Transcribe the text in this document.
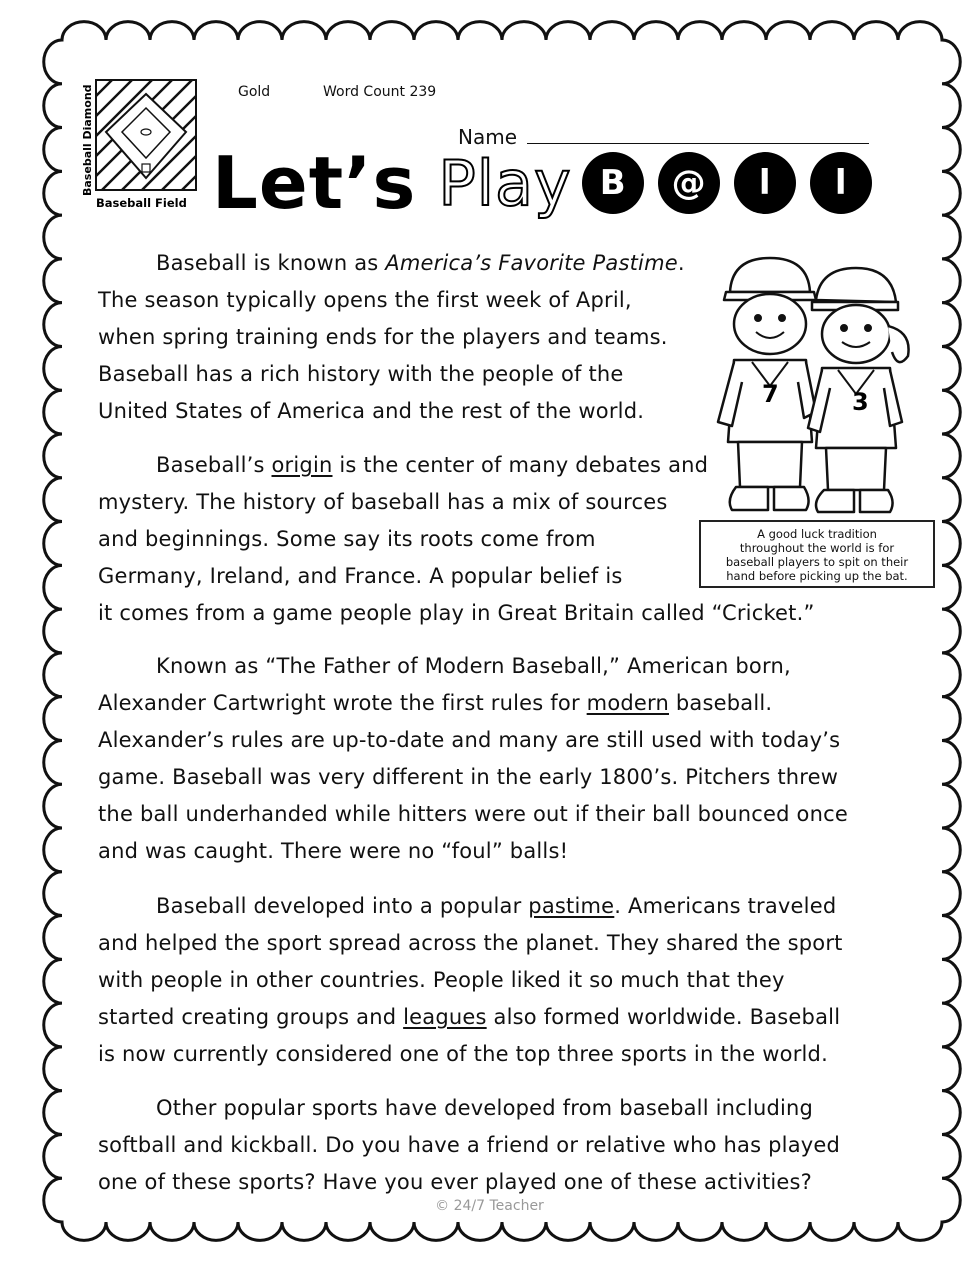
Baseball Diamond
Baseball Field
Gold	Word Count 239
Name
Let’s Play B @ l l
7	3
A good luck tradition
throughout the world is for
baseball players to spit on their
hand before picking up the bat.
Baseball is known as America’s Favorite Pastime.
The season typically opens the first week of April,
when spring training ends for the players and teams.
Baseball has a rich history with the people of the
United States of America and the rest of the world.
Baseball’s origin is the center of many debates and
mystery. The history of baseball has a mix of sources
and beginnings. Some say its roots come from
Germany, Ireland, and France. A popular belief is
it comes from a game people play in Great Britain called “Cricket.”
Known as “The Father of Modern Baseball,” American born,
Alexander Cartwright wrote the first rules for modern baseball.
Alexander’s rules are up-to-date and many are still used with today’s
game. Baseball was very different in the early 1800’s. Pitchers threw
the ball underhanded while hitters were out if their ball bounced once
and was caught. There were no “foul” balls!
Baseball developed into a popular pastime. Americans traveled
and helped the sport spread across the planet. They shared the sport
with people in other countries. People liked it so much that they
started creating groups and leagues also formed worldwide. Baseball
is now currently considered one of the top three sports in the world.
Other popular sports have developed from baseball including
softball and kickball. Do you have a friend or relative who has played
one of these sports? Have you ever played one of these activities?
© 24/7 Teacher
